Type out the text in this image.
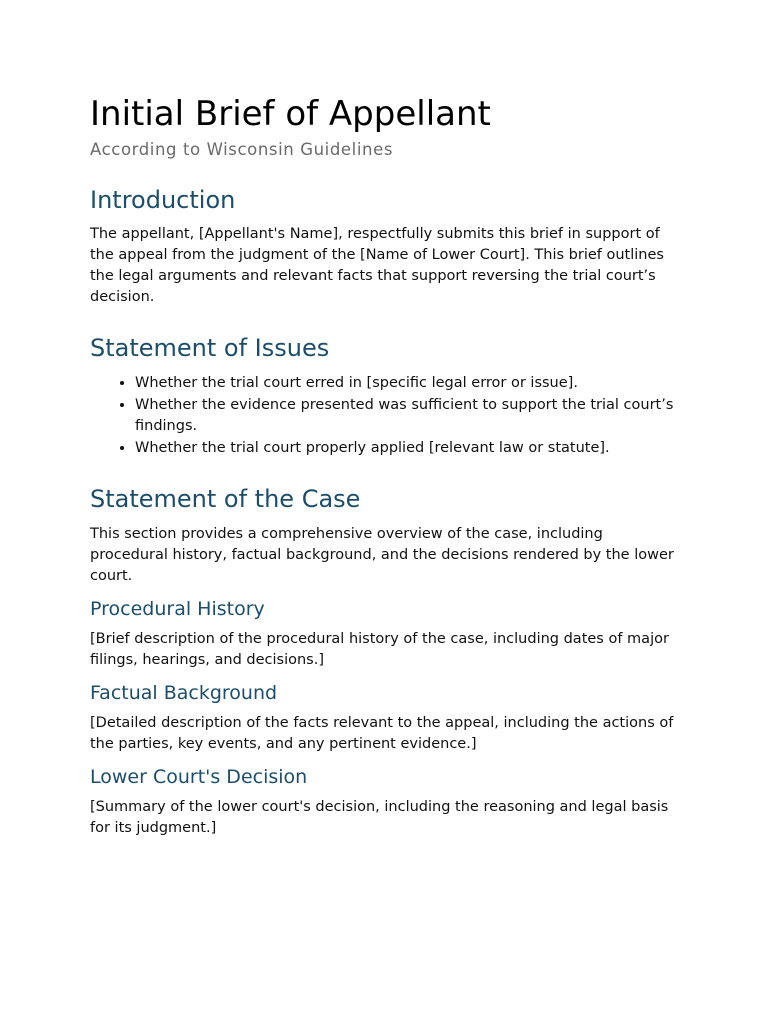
Initial Brief of Appellant
According to Wisconsin Guidelines
Introduction

The appellant, [Appellant's Name], respectfully submits this brief in support of the appeal from the judgment of the [Name of Lower Court]. This brief outlines the legal arguments and relevant facts that support reversing the trial court’s decision.

Statement of Issues
• Whether the trial court erred in [specific legal error or issue].
• Whether the evidence presented was sufficient to support the trial court’s findings.
• Whether the trial court properly applied [relevant law or statute].
Statement of the Case

This section provides a comprehensive overview of the case, including procedural history, factual background, and the decisions rendered by the lower court.

Procedural History

[Brief description of the procedural history of the case, including dates of major filings, hearings, and decisions.]

Factual Background

[Detailed description of the facts relevant to the appeal, including the actions of the parties, key events, and any pertinent evidence.]

Lower Court's Decision

[Summary of the lower court's decision, including the reasoning and legal basis for its judgment.]
